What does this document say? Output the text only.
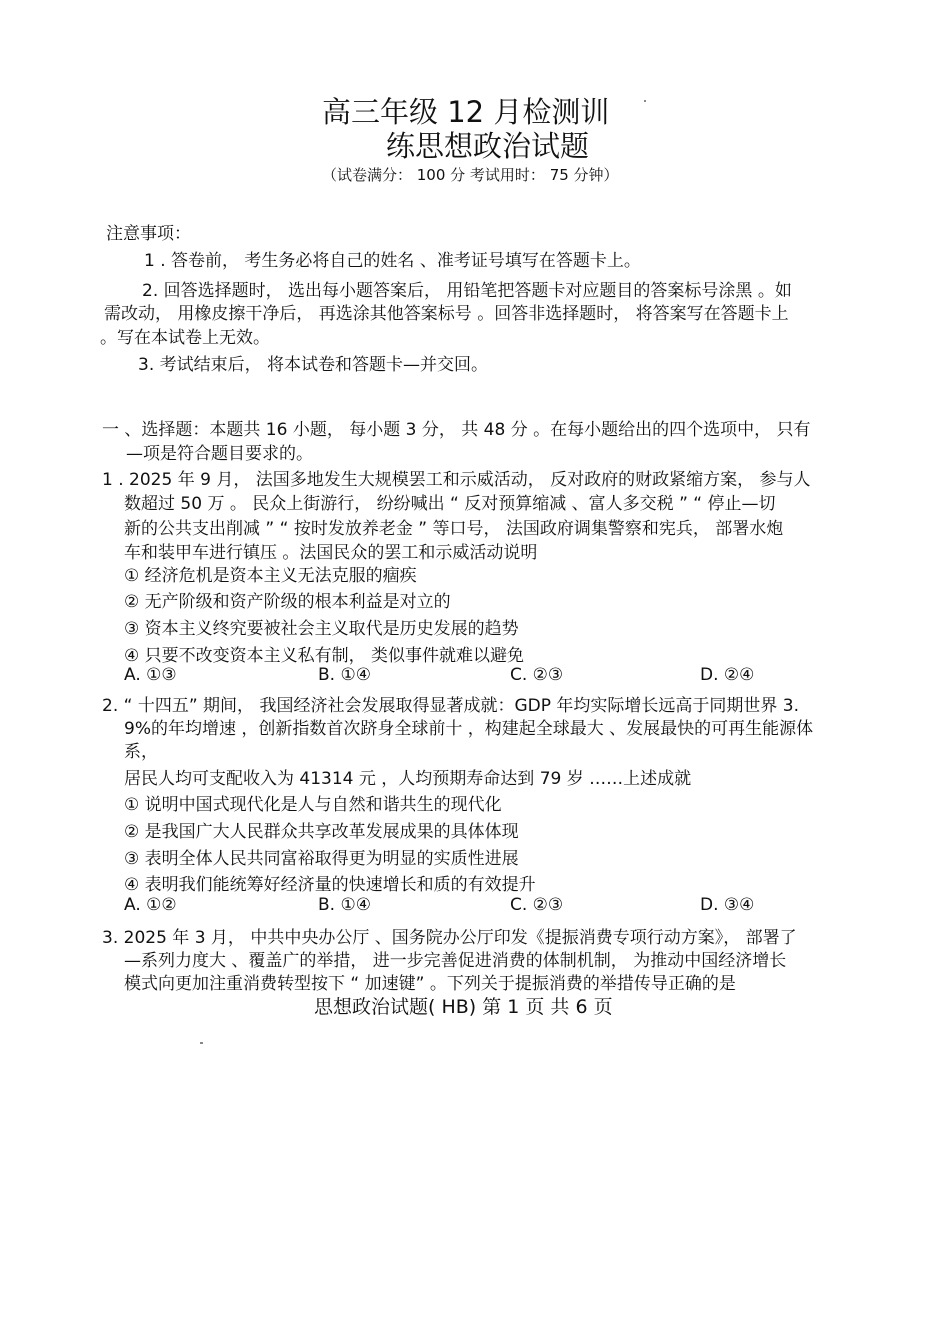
高三年级 12 月检测训
练思想政治试题
（试卷满分： 100 分 考试用时： 75 分钟）
注意事项：
1 . 答卷前， 考生务必将自己的姓名 、准考证号填写在答题卡上。
2. 回答选择题时， 选出每小题答案后， 用铅笔把答题卡对应题目的答案标号涂黑 。如
需改动， 用橡皮擦干净后， 再选涂其他答案标号 。回答非选择题时， 将答案写在答题卡上
。写在本试卷上无效。
3. 考试结束后， 将本试卷和答题卡—并交回。
一 、选择题：本题共 16 小题， 每小题 3 分， 共 48 分 。在每小题给出的四个选项中， 只有
—项是符合题目要求的。
1 . 2025 年 9 月， 法国多地发生大规模罢工和示威活动， 反对政府的财政紧缩方案， 参与人
数超过 50 万 。 民众上街游行， 纷纷喊出 “ 反对预算缩减 、富人多交税 ” “ 停止—切
新的公共支出削减 ” “ 按时发放养老金 ” 等口号， 法国政府调集警察和宪兵， 部署水炮
车和装甲车进行镇压 。法国民众的罢工和示威活动说明
① 经济危机是资本主义无法克服的痼疾
② 无产阶级和资产阶级的根本利益是对立的
③ 资本主义终究要被社会主义取代是历史发展的趋势
④ 只要不改变资本主义私有制， 类似事件就难以避免
A. ①③	B. ①④	C. ②③	D. ②④
2. “ 十四五” 期间， 我国经济社会发展取得显著成就：GDP 年均实际增长远高于同期世界 3.
9%的年均增速 ，创新指数首次跻身全球前十 ，构建起全球最大 、发展最快的可再生能源体
系，
居民人均可支配收入为 41314 元 ，人均预期寿命达到 79 岁 ……上述成就
① 说明中国式现代化是人与自然和谐共生的现代化
② 是我国广大人民群众共享改革发展成果的具体体现
③ 表明全体人民共同富裕取得更为明显的实质性进展
④ 表明我们能统筹好经济量的快速增长和质的有效提升
A. ①②	B. ①④	C. ②③	D. ③④
3. 2025 年 3 月， 中共中央办公厅 、国务院办公厅印发《提振消费专项行动方案》， 部署了
—系列力度大 、覆盖广的举措， 进一步完善促进消费的体制机制， 为推动中国经济增长
模式向更加注重消费转型按下 “ 加速键” 。下列关于提振消费的举措传导正确的是
思想政治试题( HB) 第 1 页 共 6 页
